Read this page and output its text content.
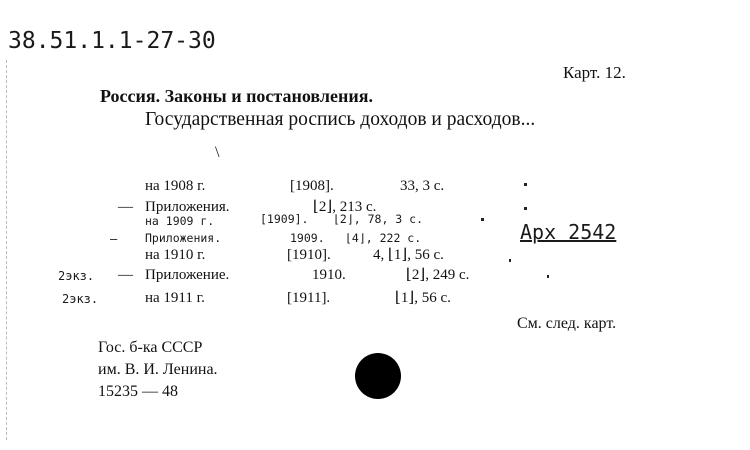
38.51.1.1-27-30
Карт. 12.
Россия. Законы и постановления.
Государственная роспись доходов и расходов...
\
на 1908 г.	[1908].	33, 3 с.
— Приложения.	⌊2⌋, 213 с.
на 1909 г.	[1909]. ⌊2⌋, 78, 3 с.
— Приложения.	1909. ⌊4⌋, 222 с.
на 1910 г.	[1910].	4, ⌊1⌋, 56 с.
2экз. — Приложение.	1910.	⌊2⌋, 249 с.
2экз.	на 1911 г.	[1911].	⌊1⌋, 56 с.
Арх 2542
См. след. карт.
Гос. б-ка СССР
им. В. И. Ленина.
15235 — 48
